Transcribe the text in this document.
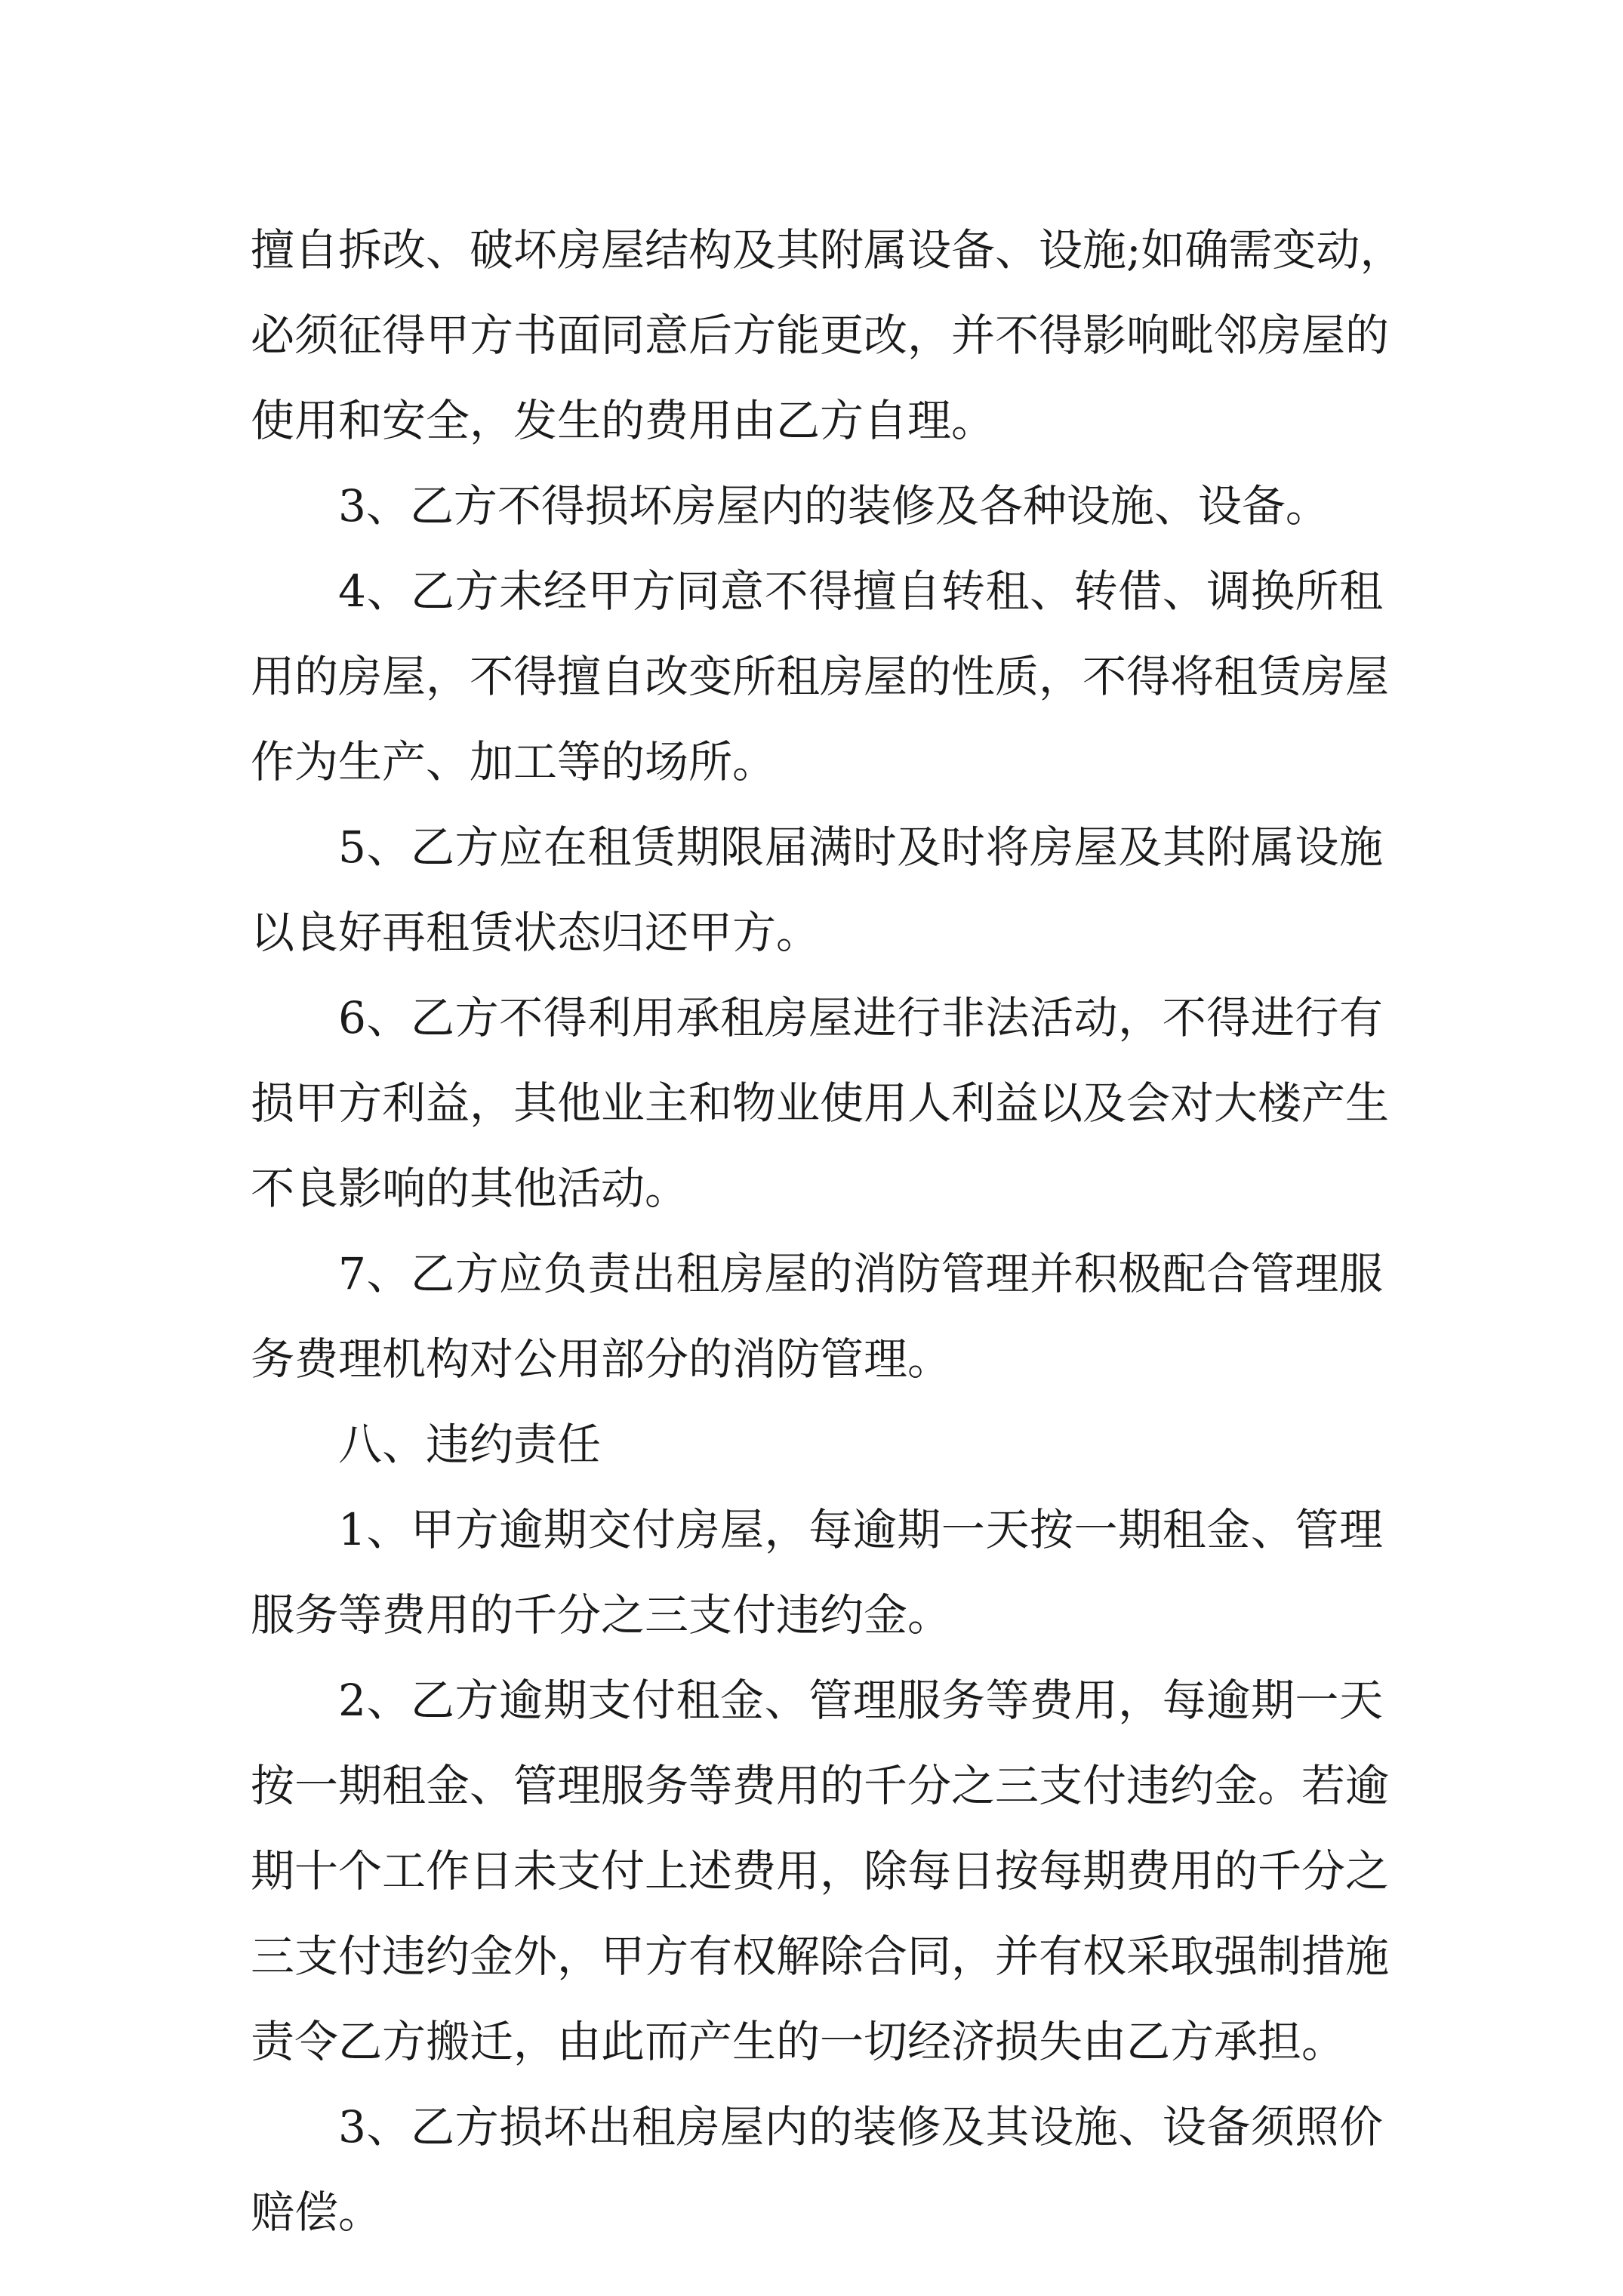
擅自拆改、破坏房屋结构及其附属设备、设施;如确需变动，
必须征得甲方书面同意后方能更改，并不得影响毗邻房屋的
使用和安全，发生的费用由乙方自理。
3、乙方不得损坏房屋内的装修及各种设施、设备。
4、乙方未经甲方同意不得擅自转租、转借、调换所租
用的房屋，不得擅自改变所租房屋的性质，不得将租赁房屋
作为生产、加工等的场所。
5、乙方应在租赁期限届满时及时将房屋及其附属设施
以良好再租赁状态归还甲方。
6、乙方不得利用承租房屋进行非法活动，不得进行有
损甲方利益，其他业主和物业使用人利益以及会对大楼产生
不良影响的其他活动。
7、乙方应负责出租房屋的消防管理并积极配合管理服
务费理机构对公用部分的消防管理。
八、违约责任
1、甲方逾期交付房屋，每逾期一天按一期租金、管理
服务等费用的千分之三支付违约金。
2、乙方逾期支付租金、管理服务等费用，每逾期一天
按一期租金、管理服务等费用的千分之三支付违约金。若逾
期十个工作日未支付上述费用，除每日按每期费用的千分之
三支付违约金外，甲方有权解除合同，并有权采取强制措施
责令乙方搬迁，由此而产生的一切经济损失由乙方承担。
3、乙方损坏出租房屋内的装修及其设施、设备须照价
赔偿。
